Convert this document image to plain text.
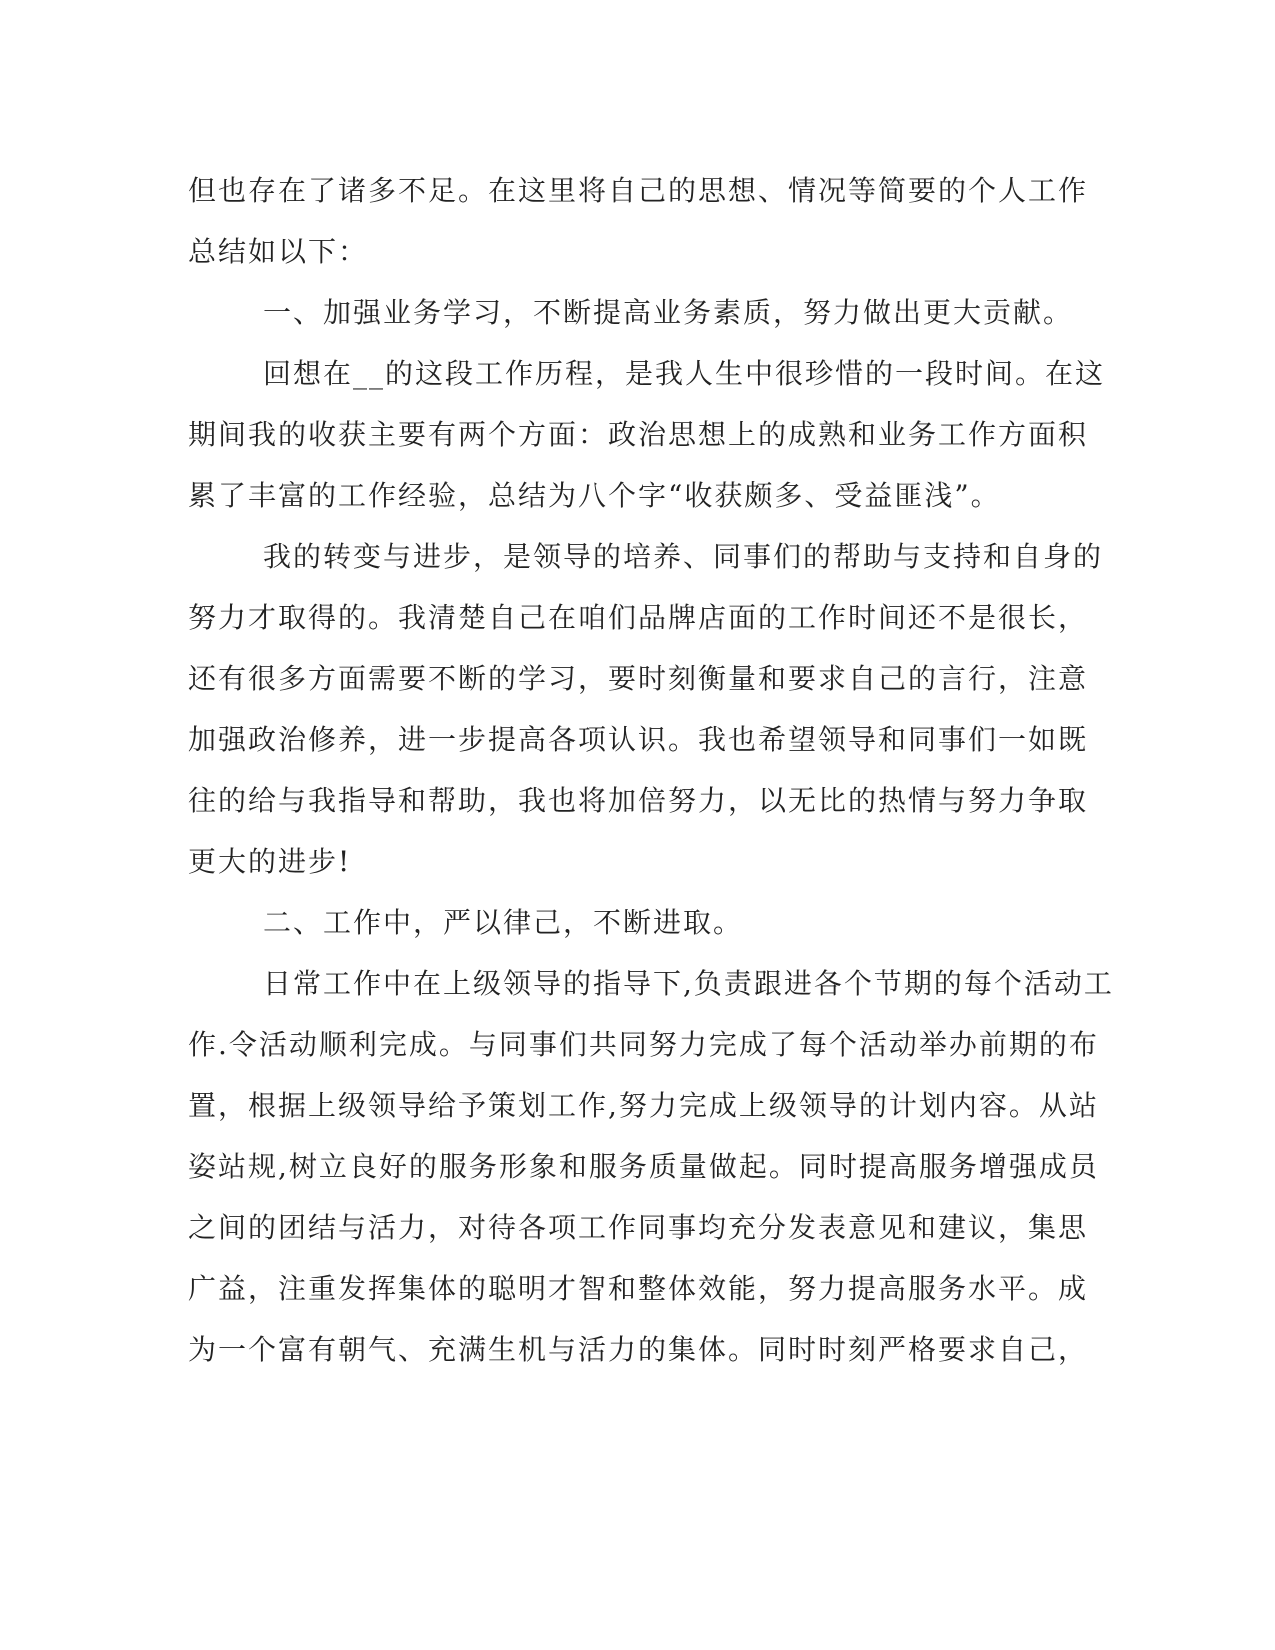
但也存在了诸多不足。在这里将自己的思想、情况等简要的个人工作
总结如以下：
一、加强业务学习，不断提高业务素质，努力做出更大贡献。
回想在__的这段工作历程，是我人生中很珍惜的一段时间。在这
期间我的收获主要有两个方面：政治思想上的成熟和业务工作方面积
累了丰富的工作经验，总结为八个字“收获颇多、受益匪浅”。
我的转变与进步，是领导的培养、同事们的帮助与支持和自身的
努力才取得的。我清楚自己在咱们品牌店面的工作时间还不是很长，
还有很多方面需要不断的学习，要时刻衡量和要求自己的言行，注意
加强政治修养，进一步提高各项认识。我也希望领导和同事们一如既
往的给与我指导和帮助，我也将加倍努力，以无比的热情与努力争取
更大的进步!
二、工作中，严以律己，不断进取。
日常工作中在上级领导的指导下,负责跟进各个节期的每个活动工
作.令活动顺利完成。与同事们共同努力完成了每个活动举办前期的布
置，根据上级领导给予策划工作,努力完成上级领导的计划内容。从站
姿站规,树立良好的服务形象和服务质量做起。同时提高服务增强成员
之间的团结与活力，对待各项工作同事均充分发表意见和建议，集思
广益，注重发挥集体的聪明才智和整体效能，努力提高服务水平。成
为一个富有朝气、充满生机与活力的集体。同时时刻严格要求自己，
